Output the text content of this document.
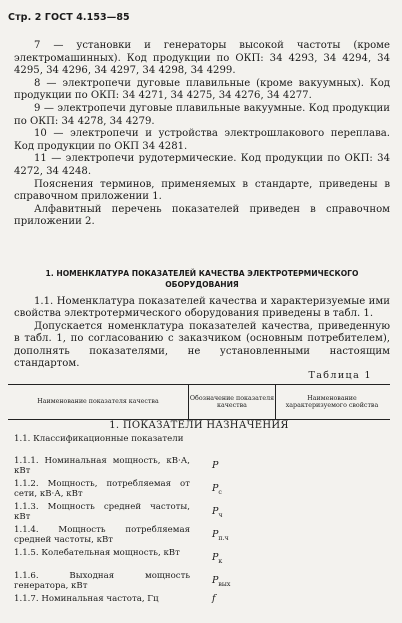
Стр. 2 ГОСТ 4.153—85

7 — установки и генераторы высокой частоты (кроме электромашинных). Код продукции по ОКП: 34 4293, 34 4294, 34 4295, 34 4296, 34 4297, 34 4298, 34 4299.

8 — электропечи дуговые плавильные (кроме вакуумных). Код продукции по ОКП: 34 4271, 34 4275, 34 4276, 34 4277.

9 — электропечи дуговые плавильные вакуумные. Код продукции по ОКП: 34 4278, 34 4279.

10 — электропечи и устройства электрошлакового переплава. Код продукции по ОКП 34 4281.

11 — электропечи рудотермические. Код продукции по ОКП: 34 4272, 34 4248.

Пояснения терминов, применяемых в стандарте, приведены в справочном приложении 1.

Алфавитный перечень показателей приведен в справочном приложении 2.

1. НОМЕНКЛАТУРА ПОКАЗАТЕЛЕЙ КАЧЕСТВА ЭЛЕКТРОТЕРМИЧЕСКОГО ОБОРУДОВАНИЯ

1.1. Номенклатура показателей качества и характеризуемые ими свойства электротермического оборудования приведены в табл. 1.

Допускается номенклатура показателей качества, приведенную в табл. 1, по согласованию с заказчиком (основным потребителем), дополнять показателями, не установленными настоящим стандартом.

Таблица 1
Наименование показателя качества
Обозначение показателя качества
Наименование характеризуемого свойства
1. ПОКАЗАТЕЛИ НАЗНАЧЕНИЯ
1.1. Классификационные показатели
1.1.1. Номинальная мощность, кВ·А, кВт	P
1.1.2. Мощность, потребляемая от сети, кВ·А, кВт	$P_с$
1.1.3. Мощность средней частоты, кВт	$P_ч$
1.1.4. Мощность потребляемая средней частоты, кВт	$P_{п.ч}$
1.1.5. Колебательная мощность, кВт	$P_к$
1.1.6. Выходная мощность генератора, кВт	$P_{вых}$
1.1.7. Номинальная частота, Гц	f
